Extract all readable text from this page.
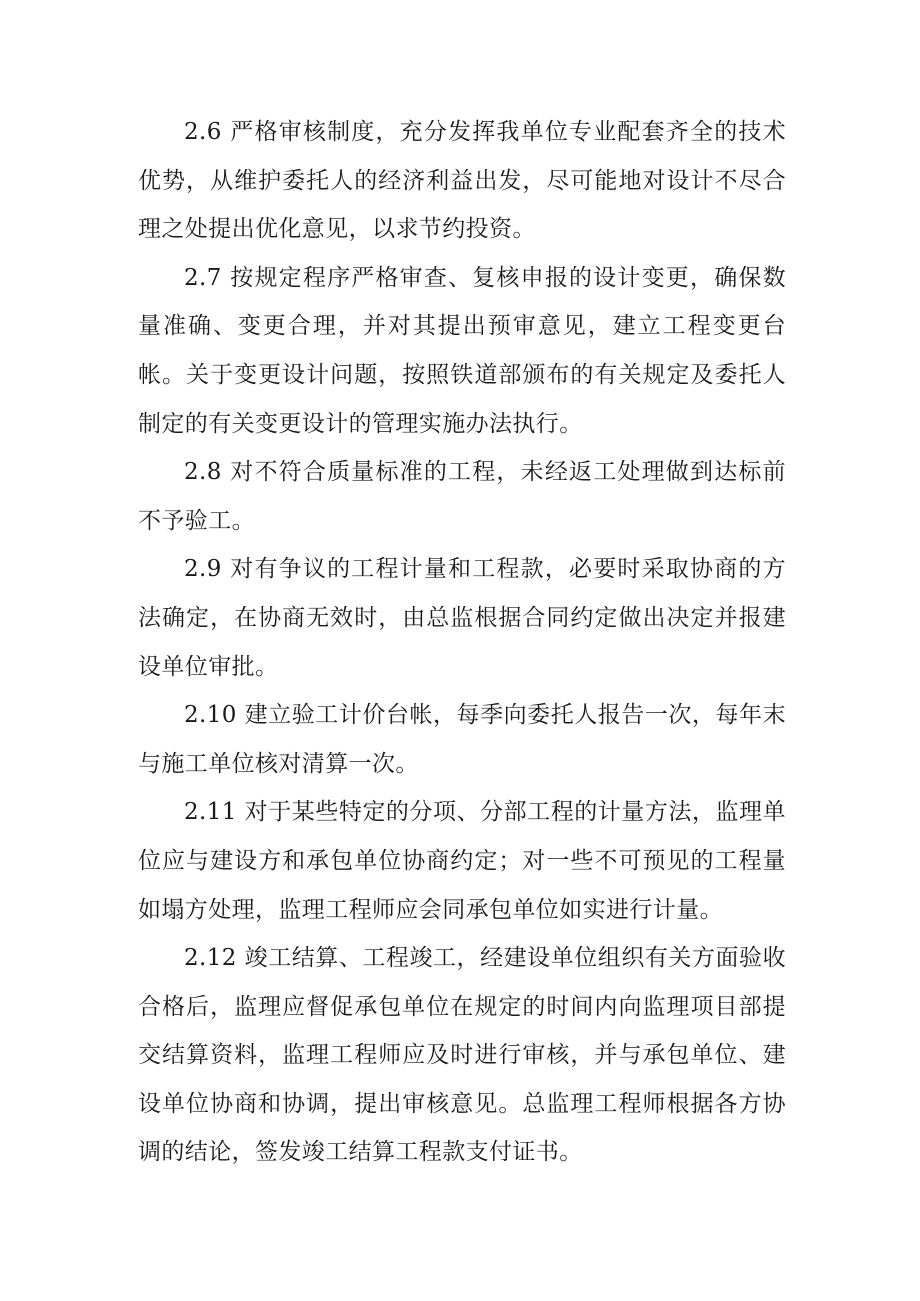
2.6 严格审核制度，充分发挥我单位专业配套齐全的技术优势，从维护委托人的经济利益出发，尽可能地对设计不尽合理之处提出优化意见，以求节约投资。

2.7 按规定程序严格审查、复核申报的设计变更，确保数量准确、变更合理，并对其提出预审意见，建立工程变更台帐。关于变更设计问题，按照铁道部颁布的有关规定及委托人制定的有关变更设计的管理实施办法执行。

2.8 对不符合质量标准的工程，未经返工处理做到达标前不予验工。

2.9 对有争议的工程计量和工程款，必要时采取协商的方法确定，在协商无效时，由总监根据合同约定做出决定并报建设单位审批。

2.10 建立验工计价台帐，每季向委托人报告一次，每年末与施工单位核对清算一次。

2.11 对于某些特定的分项、分部工程的计量方法，监理单位应与建设方和承包单位协商约定；对一些不可预见的工程量如塌方处理，监理工程师应会同承包单位如实进行计量。

2.12 竣工结算、工程竣工，经建设单位组织有关方面验收合格后，监理应督促承包单位在规定的时间内向监理项目部提交结算资料，监理工程师应及时进行审核，并与承包单位、建设单位协商和协调，提出审核意见。总监理工程师根据各方协调的结论，签发竣工结算工程款支付证书。
